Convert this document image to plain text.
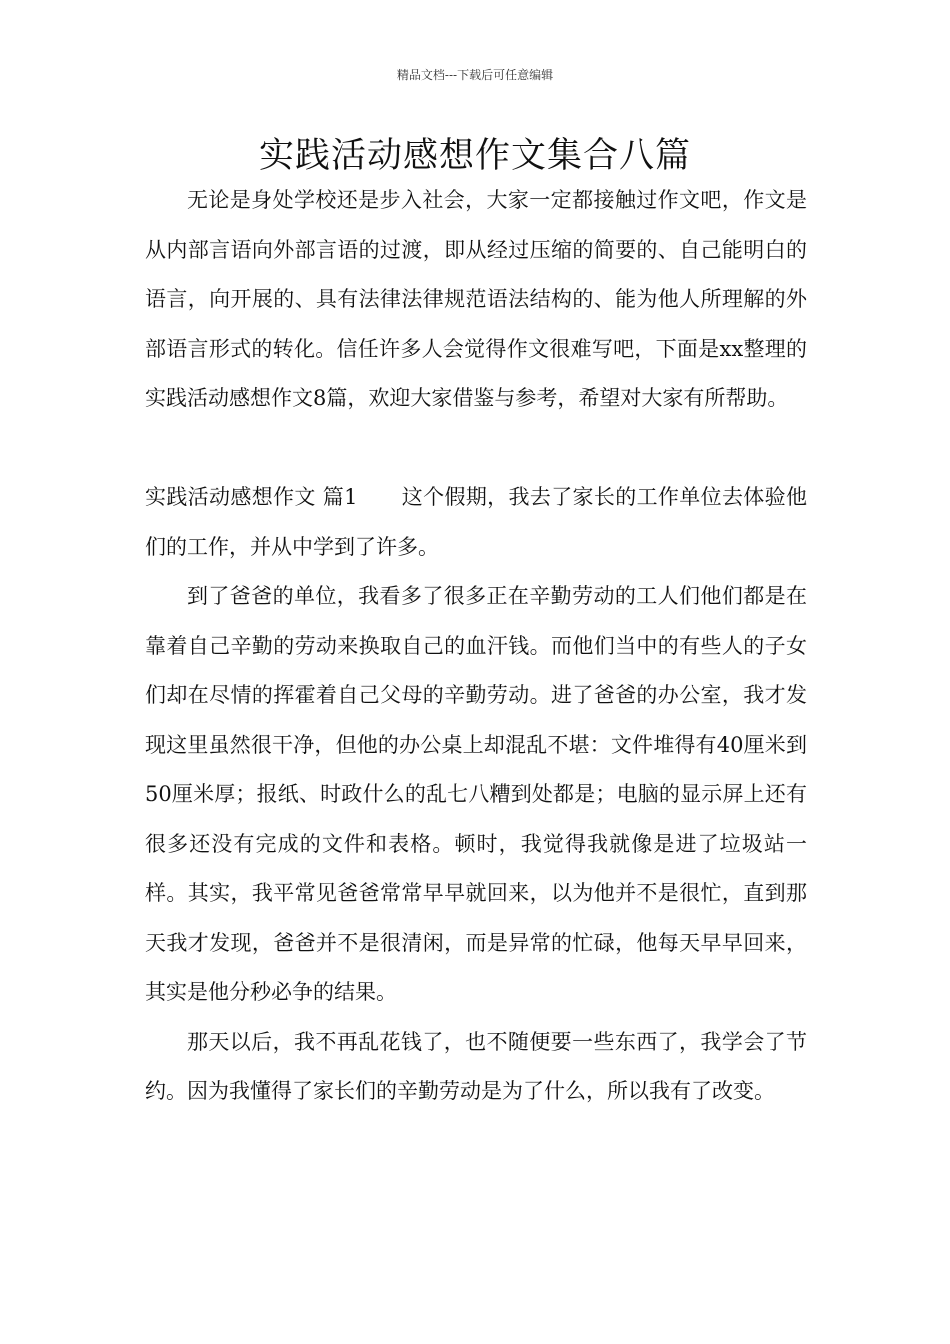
精品文档---下载后可任意编辑
实践活动感想作文集合八篇

无论是身处学校还是步入社会，大家一定都接触过作文吧，作文是从内部言语向外部言语的过渡，即从经过压缩的简要的、自己能明白的语言，向开展的、具有法律法律规范语法结构的、能为他人所理解的外部语言形式的转化。信任许多人会觉得作文很难写吧，下面是xx整理的实践活动感想作文8篇，欢迎大家借鉴与参考，希望对大家有所帮助。

实践活动感想作文 篇1 这个假期，我去了家长的工作单位去体验他们的工作，并从中学到了许多。

到了爸爸的单位，我看多了很多正在辛勤劳动的工人们他们都是在靠着自己辛勤的劳动来换取自己的血汗钱。而他们当中的有些人的子女们却在尽情的挥霍着自己父母的辛勤劳动。进了爸爸的办公室，我才发现这里虽然很干净，但他的办公桌上却混乱不堪：文件堆得有40厘米到50厘米厚；报纸、时政什么的乱七八糟到处都是；电脑的显示屏上还有很多还没有完成的文件和表格。顿时，我觉得我就像是进了垃圾站一样。其实，我平常见爸爸常常早早就回来，以为他并不是很忙，直到那天我才发现，爸爸并不是很清闲，而是异常的忙碌，他每天早早回来，其实是他分秒必争的结果。

那天以后，我不再乱花钱了，也不随便要一些东西了，我学会了节约。因为我懂得了家长们的辛勤劳动是为了什么，所以我有了改变。
